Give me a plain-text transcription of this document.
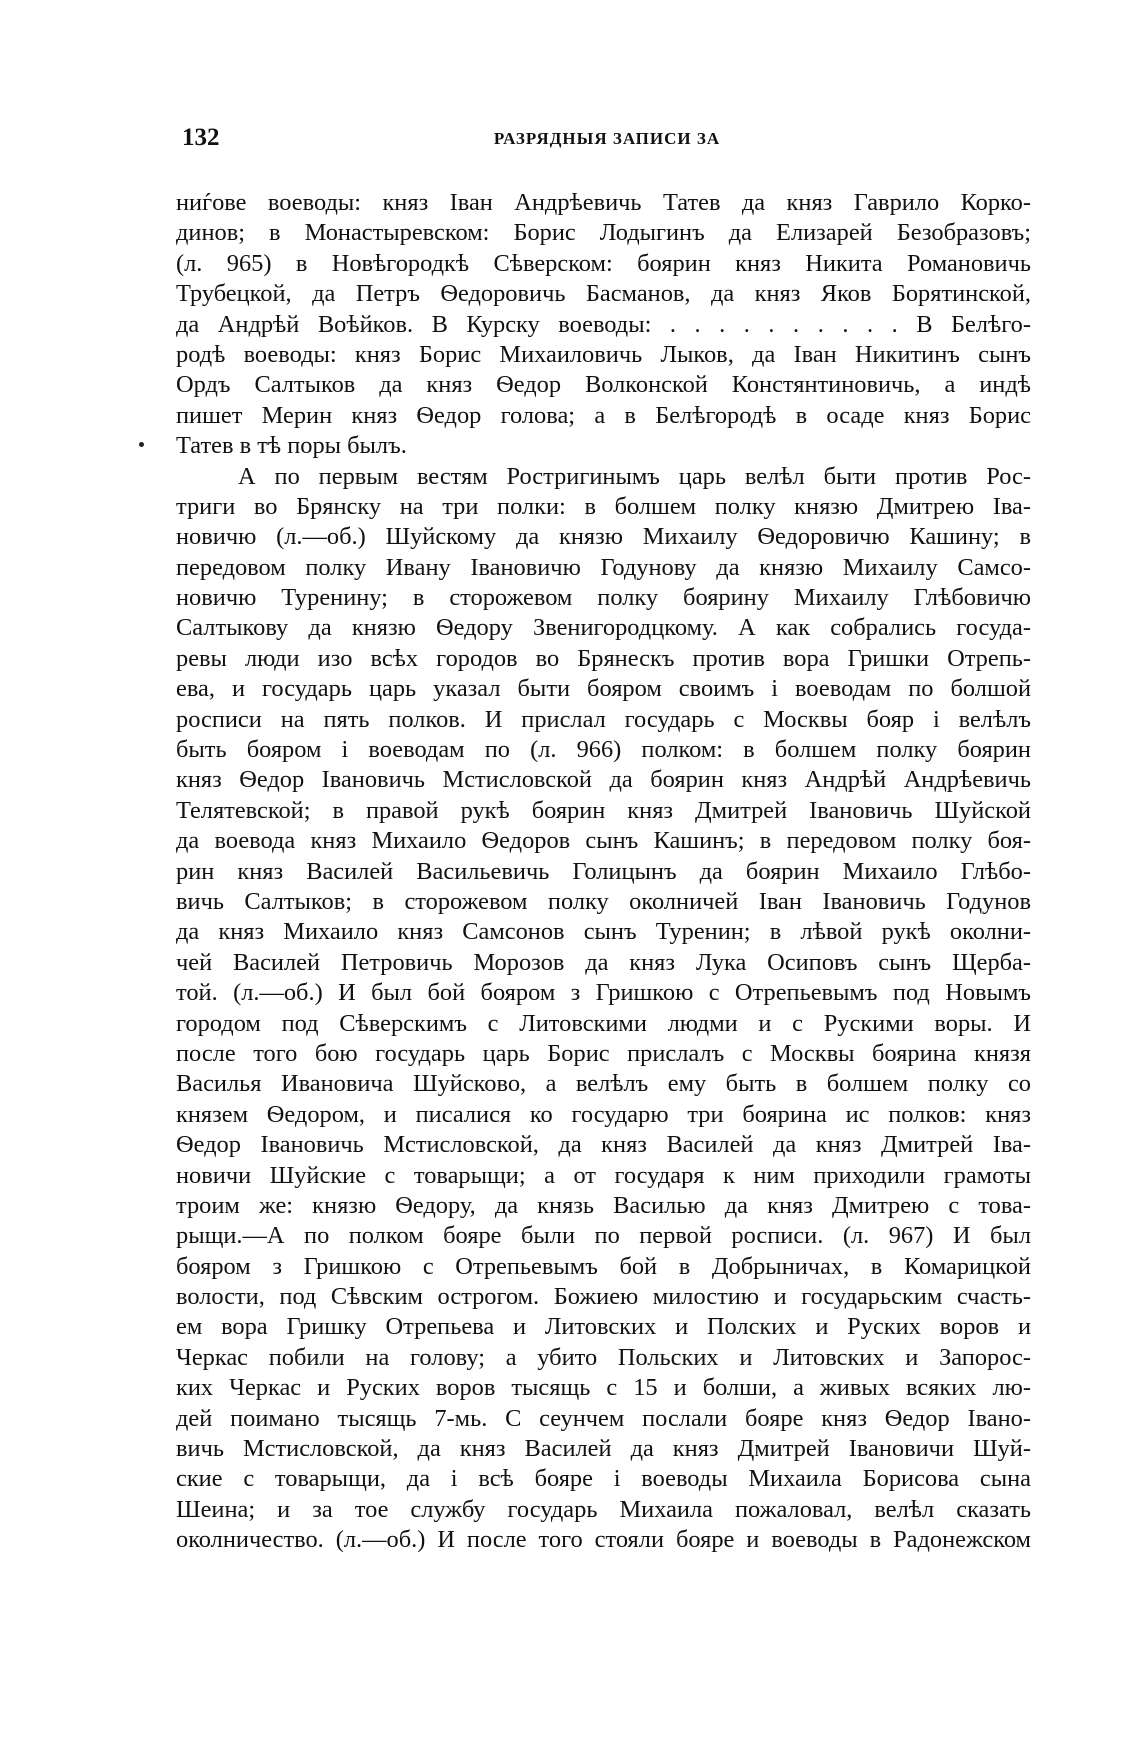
132	РАЗРЯДНЫЯ ЗАПИСИ ЗА
ниѓове воеводы: княз Іван Андрѣевичь Татев да княз Гаврило Корко-
динов; в Монастыревском: Борис Лодыгинъ да Елизарей Безобразовъ;
(л. 965) в Новѣгородкѣ Сѣверском: боярин княз Никита Романовичь
Трубецкой, да Петръ Ѳедоровичь Басманов, да княз Яков Борятинской,
да Андрѣй Воѣйков. В Курску воеводы: . . . . . . . . . . В Белѣго-
родѣ воеводы: княз Борис Михаиловичь Лыков, да Іван Никитинъ сынъ
Ордъ Салтыков да княз Ѳедор Волконской Констянтиновичь, а индѣ
пишет Мерин княз Ѳедор голова; а в Белѣгородѣ в осаде княз Борис
Татев в тѣ поры былъ.
А по первым вестям Ростригинымъ царь велѣл быти против Рос-
триги во Брянску на три полки: в болшем полку князю Дмитрею Іва-
новичю (л.—об.) Шуйскому да князю Михаилу Ѳедоровичю Кашину; в
передовом полку Ивану Івановичю Годунову да князю Михаилу Самсо-
новичю Туренину; в сторожевом полку боярину Михаилу Глѣбовичю
Салтыкову да князю Ѳедору Звенигородцкому. А как собрались госуда-
ревы люди изо всѣх городов во Брянескъ против вора Гришки Отрепь-
ева, и государь царь указал быти бояром своимъ і воеводам по болшой
росписи на пять полков. И прислал государь с Москвы бояр і велѣлъ
быть бояром і воеводам по (л. 966) полком: в болшем полку боярин
княз Ѳедор Івановичь Мстисловской да боярин княз Андрѣй Андрѣевичь
Телятевской; в правой рукѣ боярин княз Дмитрей Івановичь Шуйской
да воевода княз Михаило Ѳедоров сынъ Кашинъ; в передовом полку боя-
рин княз Василей Васильевичь Голицынъ да боярин Михаило Глѣбо-
вичь Салтыков; в сторожевом полку околничей Іван Івановичь Годунов
да княз Михаило княз Самсонов сынъ Туренин; в лѣвой рукѣ околни-
чей Василей Петровичь Морозов да княз Лука Осиповъ сынъ Щерба-
той. (л.—об.) И был бой бояром з Гришкою с Отрепьевымъ под Новымъ
городом под Сѣверскимъ с Литовскими людми и с Рускими воры. И
после того бою государь царь Борис прислалъ с Москвы боярина князя
Василья Ивановича Шуйсково, а велѣлъ ему быть в болшем полку со
князем Ѳедором, и писалися ко государю три боярина ис полков: княз
Ѳедор Івановичь Мстисловской, да княз Василей да княз Дмитрей Іва-
новичи Шуйские с товарыщи; а от государя к ним приходили грамоты
троим же: князю Ѳедору, да князь Василью да княз Дмитрею с това-
рыщи.—А по полком бояре были по первой росписи. (л. 967) И был
бояром з Гришкою с Отрепьевымъ бой в Добрыничах, в Комарицкой
волости, под Сѣвским острогом. Божиею милостию и государьским счасть-
ем вора Гришку Отрепьева и Литовских и Полских и Руских воров и
Черкас побили на голову; а убито Польских и Литовских и Запорос-
ких Черкас и Руских воров тысящь с 15 и болши, а живых всяких лю-
дей поимано тысящь 7-мь. С сеунчем послали бояре княз Ѳедор Івано-
вичь Мстисловской, да княз Василей да княз Дмитрей Івановичи Шуй-
ские с товарыщи, да і всѣ бояре і воеводы Михаила Борисова сына
Шеина; и за тое службу государь Михаила пожаловал, велѣл сказать
околничество. (л.—об.) И после того стояли бояре и воеводы в Радонежском
